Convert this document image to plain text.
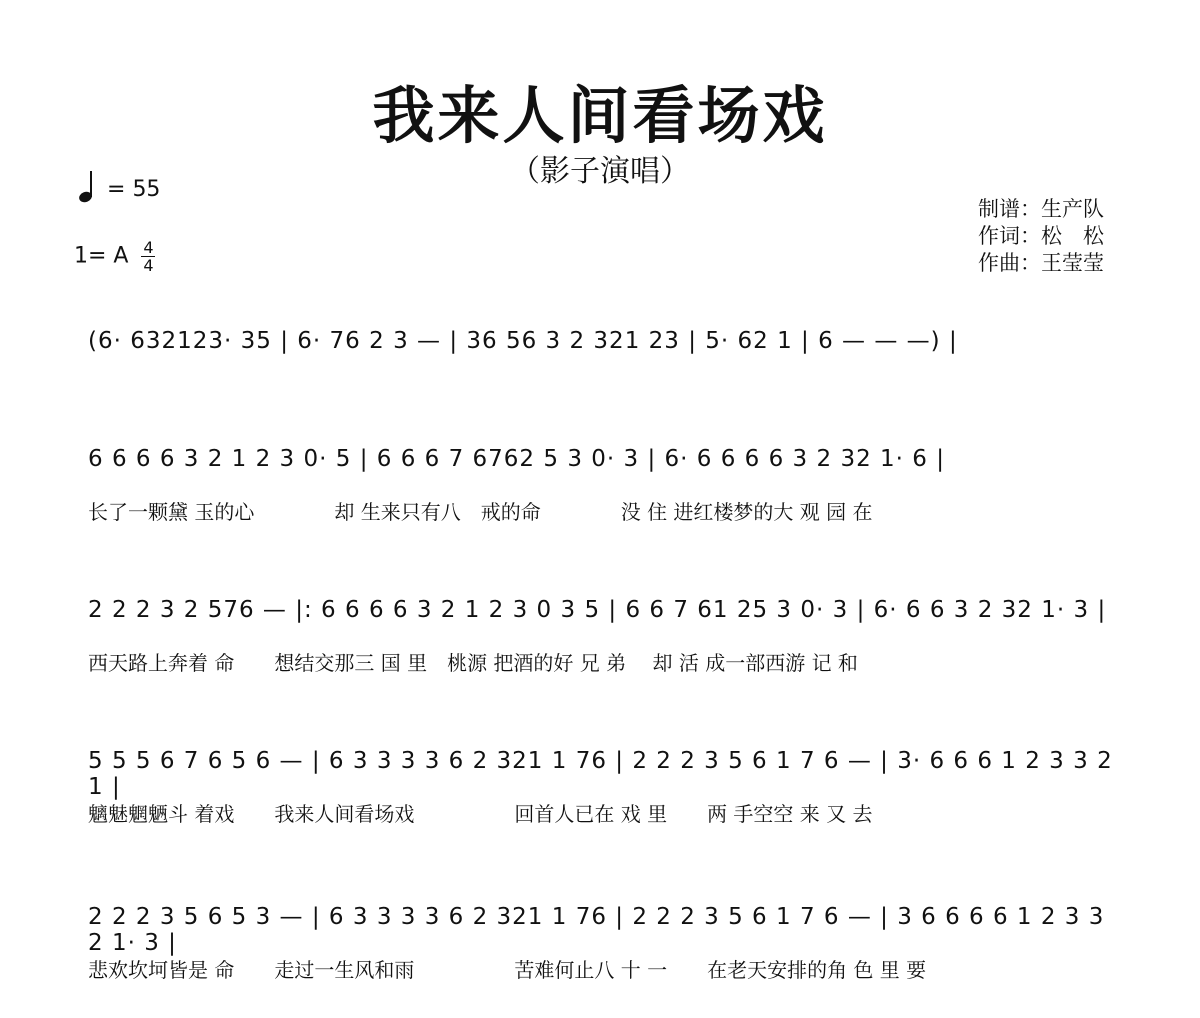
我来人间看场戏
（影子演唱）
= 55
1= A $\frac{4}{4}$
制谱：生产队
作词：松　松
作曲：王莹莹
(6· 632123· 35 | 6· 76 2 3 — | 36 56 3 2 321 23 | 5· 62 1 | 6 — — —) |
6 6 6 6 3 2 1 2 3 0· 5 | 6 6 6 7 6762 5 3 0· 3 | 6· 6 6 6 6 3 2 32 1· 6 |
长了一颗黛 玉的心　　　　却 生来只有八　戒的命　　　　没 住 进红楼梦的大 观 园 在
2 2 2 3 2 576 — |: 6 6 6 6 3 2 1 2 3 0 3 5 | 6 6 7 61 25 3 0· 3 | 6· 6 6 3 2 32 1· 3 |
西天路上奔着 命　　想结交那三 国 里　桃源 把酒的好 兄 弟　 却 活 成一部西游 记 和
5 5 5 6 7 6 5 6 — | 6 3 3 3 3 6 2 321 1 76 | 2 2 2 3 5 6 1 7 6 — | 3· 6 6 6 1 2 3 3 2 1 |
魑魅魍魉斗 着戏　　我来人间看场戏　　　　　回首人已在 戏 里　　两 手空空 来 又 去
2 2 2 3 5 6 5 3 — | 6 3 3 3 3 6 2 321 1 76 | 2 2 2 3 5 6 1 7 6 — | 3 6 6 6 6 1 2 3 3 2 1· 3 |
悲欢坎坷皆是 命　　走过一生风和雨　　　　　苦难何止八 十 一　　在老天安排的角 色 里 要
